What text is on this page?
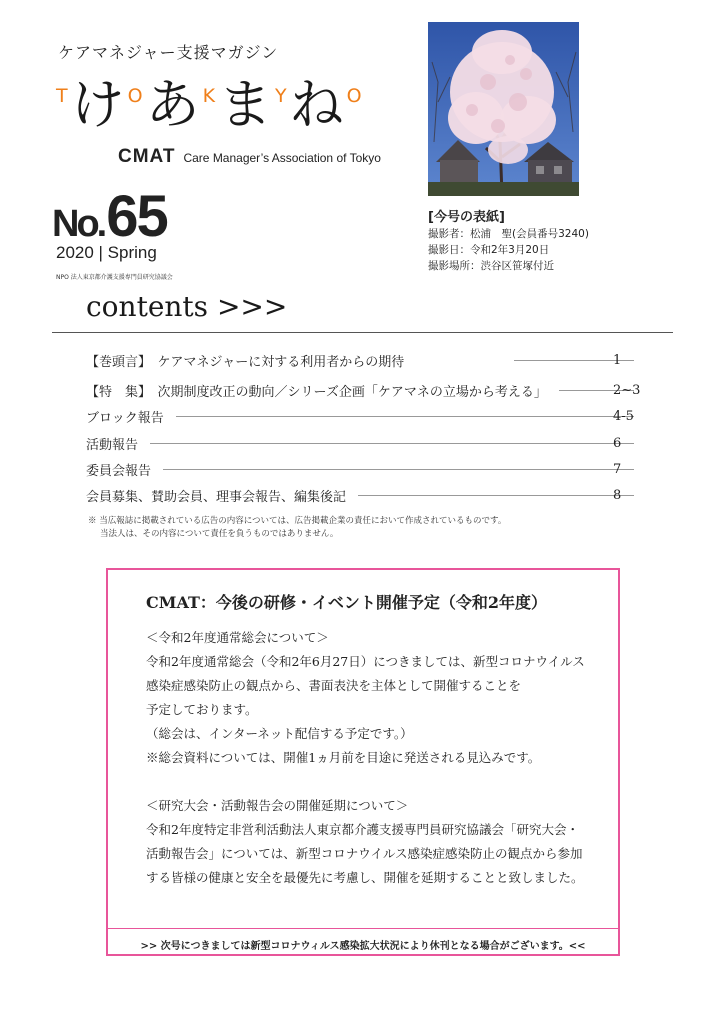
ケアマネジャー支援マガジン
T け O あ K ま Y ね O
CMAT Care Manager’s Association of Tokyo
No. 65
2020 | Spring
NPO 法人東京都介護支援専門員研究協議会
[今号の表紙]
撮影者：松浦　聖(会員番号3240)
撮影日：令和2年3月20日
撮影場所：渋谷区笹塚付近
contents >>>
【巻頭言】　ケアマネジャーに対する利用者からの期待	1
【特　集】　次期制度改正の動向／シリーズ企画「ケアマネの立場から考える」	2~3
ブロック報告	4-5
活動報告	6
委員会報告	7
会員募集、賛助会員、理事会報告、編集後記	8
※ 当広報誌に掲載されている広告の内容については、広告掲載企業の責任において作成されているものです。
当法人は、その内容について責任を負うものではありません。
CMAT：今後の研修・イベント開催予定（令和2年度）
＜令和2年度通常総会について＞
令和2年度通常総会（令和2年6月27日）につきましては、新型コロナウイルス
感染症感染防止の観点から、書面表決を主体として開催することを
予定しております。
（総会は、インターネット配信する予定です。）
※総会資料については、開催1ヵ月前を目途に発送される見込みです。
＜研究大会・活動報告会の開催延期について＞
令和2年度特定非営利活動法人東京都介護支援専門員研究協議会「研究大会・
活動報告会」については、新型コロナウイルス感染症感染防止の観点から参加
する皆様の健康と安全を最優先に考慮し、開催を延期することと致しました。
>> 次号につきましては新型コロナウィルス感染拡大状況により休刊となる場合がございます。<<
